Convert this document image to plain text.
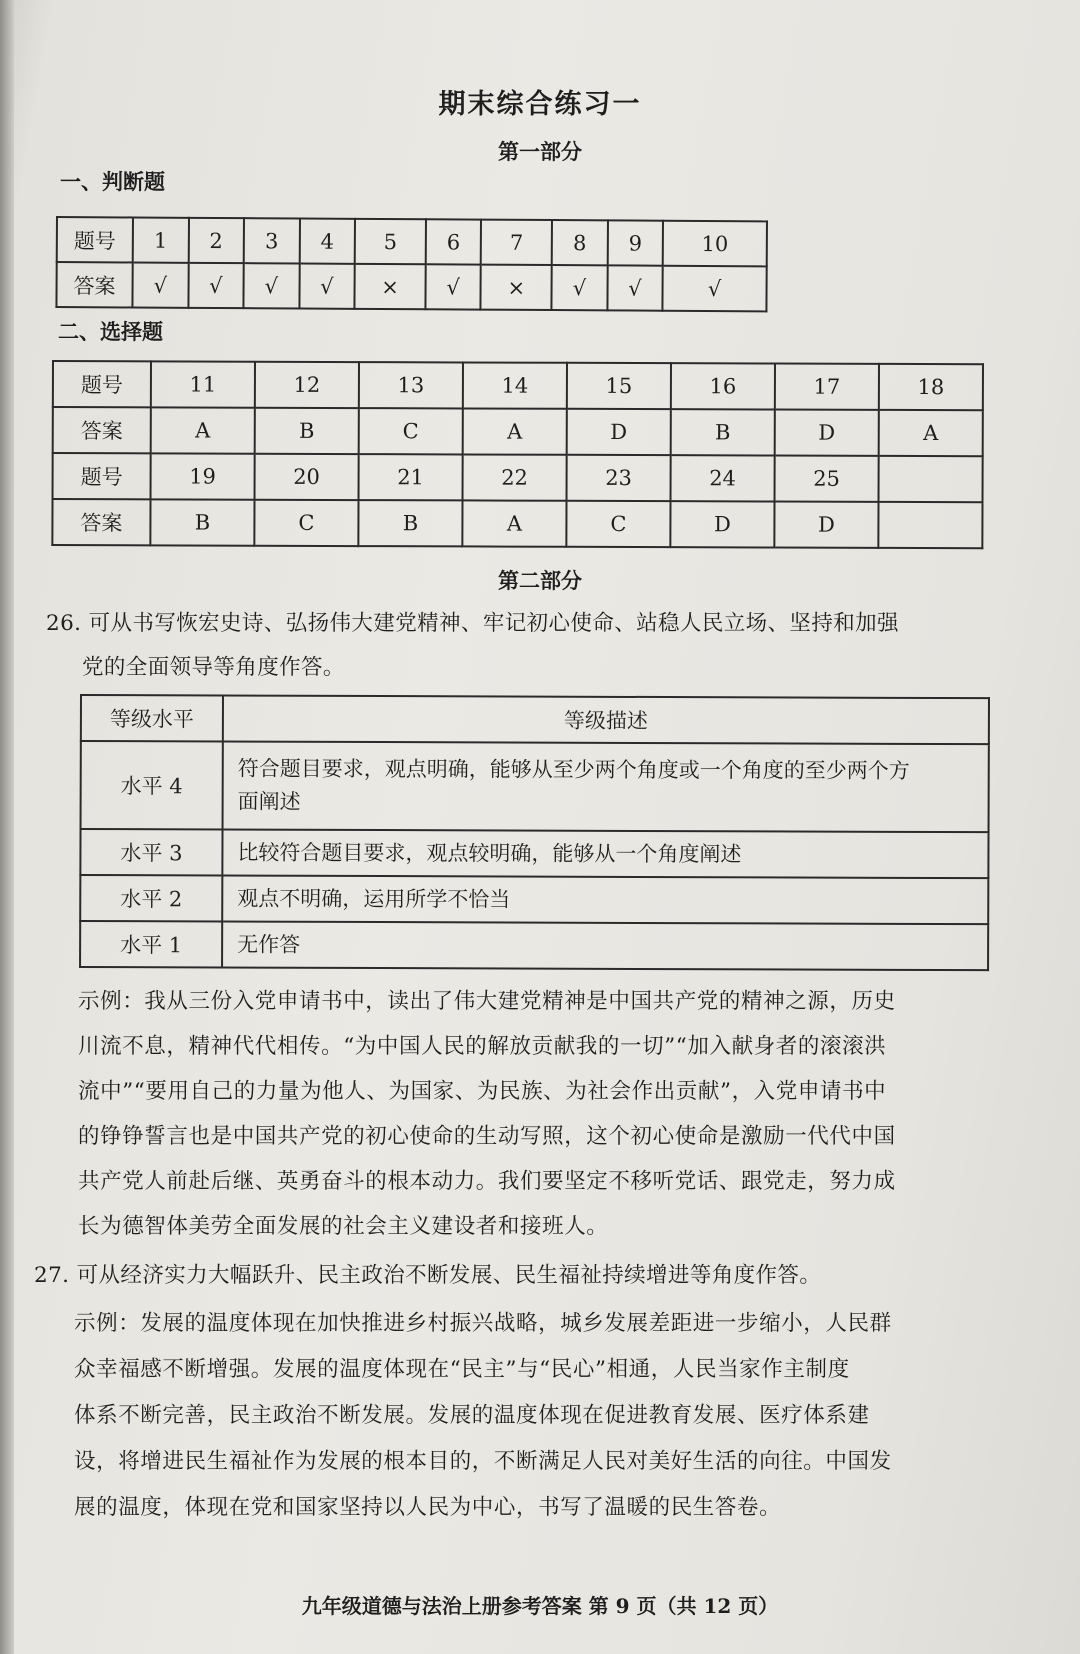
期末综合练习一
第一部分
一、判断题
题号	1	2	3	4	5	6	7	8	9	10
答案	√	√	√	√	×	√	×	√	√	√
二、选择题
题号	11	12	13	14	15	16	17	18
答案	A	B	C	A	D	B	D	A
题号	19	20	21	22	23	24	25	
答案	B	C	B	A	C	D	D	
第二部分
26. 可从书写恢宏史诗、弘扬伟大建党精神、牢记初心使命、站稳人民立场、坚持和加强
党的全面领导等角度作答。
等级水平	等级描述
水平 4	符合题目要求，观点明确，能够从至少两个角度或一个角度的至少两个方
面阐述

水平 3	比较符合题目要求，观点较明确，能够从一个角度阐述
水平 2	观点不明确，运用所学不恰当
水平 1	无作答
示例：我从三份入党申请书中，读出了伟大建党精神是中国共产党的精神之源，历史
川流不息，精神代代相传。“为中国人民的解放贡献我的一切”“加入献身者的滚滚洪
流中”“要用自己的力量为他人、为国家、为民族、为社会作出贡献”，入党申请书中
的铮铮誓言也是中国共产党的初心使命的生动写照，这个初心使命是激励一代代中国
共产党人前赴后继、英勇奋斗的根本动力。我们要坚定不移听党话、跟党走，努力成
长为德智体美劳全面发展的社会主义建设者和接班人。
27. 可从经济实力大幅跃升、民主政治不断发展、民生福祉持续增进等角度作答。
示例：发展的温度体现在加快推进乡村振兴战略，城乡发展差距进一步缩小，人民群
众幸福感不断增强。发展的温度体现在“民主”与“民心”相通，人民当家作主制度
体系不断完善，民主政治不断发展。发展的温度体现在促进教育发展、医疗体系建
设，将增进民生福祉作为发展的根本目的，不断满足人民对美好生活的向往。中国发
展的温度，体现在党和国家坚持以人民为中心，书写了温暖的民生答卷。
九年级道德与法治上册参考答案 第 9 页（共 12 页）
